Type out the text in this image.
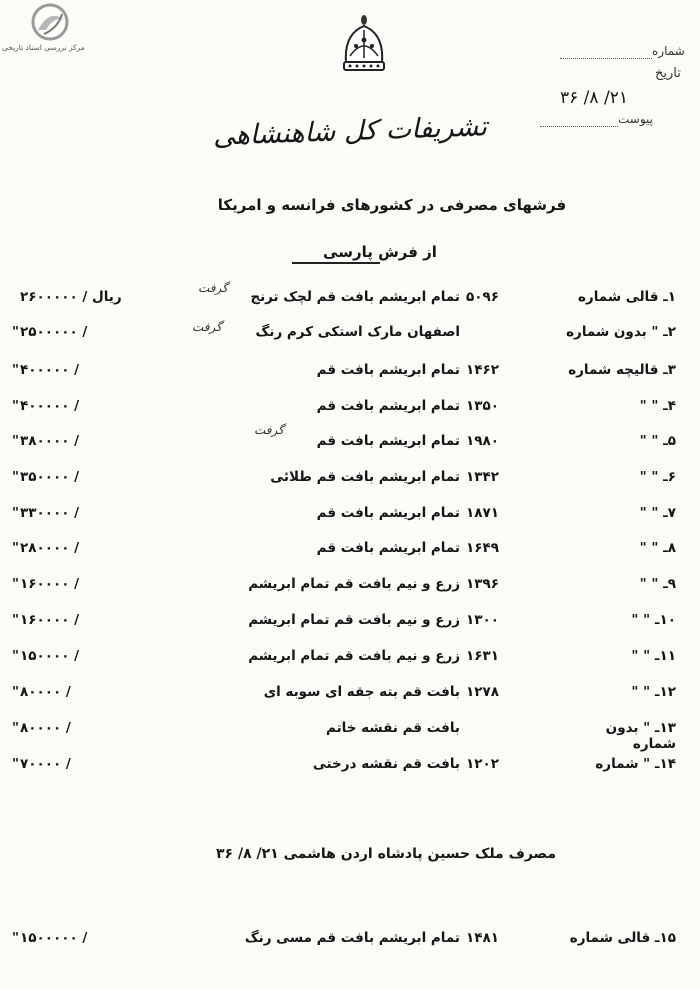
مرکز بررسی اسناد تاریخی	شماره
تاریخ
۲۱/ ۸/ ۳۶
پیوست
تشریفات کل شاهنشاهی
فرشهای مصرفی در کشورهای فرانسه و امریکا
از فرش پارسی
۱ـ قالی شماره
۵۰۹۶
تمام ابریشم بافت قم لچک ترنج
۲۶۰۰۰۰۰ / ریال
گرفت
۲ـ " بدون شماره
اصفهان مارک استکی کرم رنگ
۲۵۰۰۰۰۰ /
"	گرفت
۳ـ قالیچه شماره
۱۴۶۲
تمام ابریشم بافت قم
۴۰۰۰۰۰ /
"
۴ـ " "
۱۳۵۰
تمام ابریشم بافت قم
۴۰۰۰۰۰ /
"
۵ـ " "
۱۹۸۰
تمام ابریشم بافت قم
۳۸۰۰۰۰ /
"
گرفت
۶ـ " "
۱۳۴۲
تمام ابریشم بافت قم طلائی
۳۵۰۰۰۰ /
"
۷ـ " "
۱۸۷۱
تمام ابریشم بافت قم
۳۳۰۰۰۰ /
"
۸ـ " "
۱۶۴۹
تمام ابریشم بافت قم
۲۸۰۰۰۰ /
"
۹ـ " "
۱۳۹۶
زرع و نیم بافت قم تمام ابریشم
۱۶۰۰۰۰ /
"
۱۰ـ " "
۱۳۰۰
زرع و نیم بافت قم تمام ابریشم
۱۶۰۰۰۰ /
"
۱۱ـ " "
۱۶۳۱
زرع و نیم بافت قم تمام ابریشم
۱۵۰۰۰۰ /
"
۱۲ـ " "
۱۲۷۸
بافت قم بته جقه ای سوبه ای
۸۰۰۰۰ /
"
۱۳ـ " بدون شماره
بافت قم نقشه خاتم
۸۰۰۰۰ /
"
۱۴ـ " شماره
۱۲۰۲
بافت قم نقشه درختی
۷۰۰۰۰ /
"
مصرف ملک حسین پادشاه اردن هاشمی ۲۱/ ۸/ ۳۶
۱۵ـ قالی شماره
۱۴۸۱
تمام ابریشم بافت قم مسی رنگ
۱۵۰۰۰۰۰ /
"
